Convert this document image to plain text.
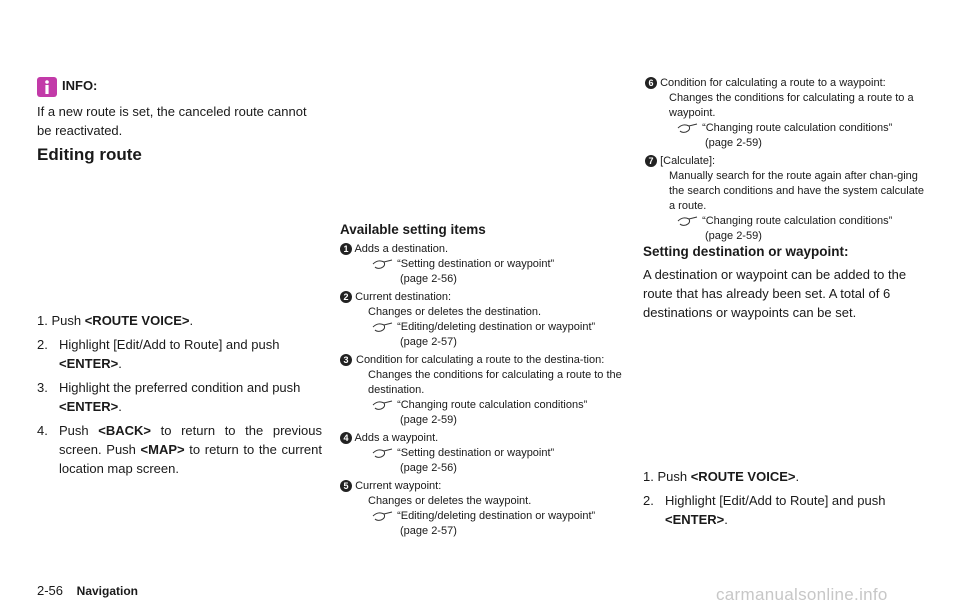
INFO:
If a new route is set, the canceled route cannot be reactivated.
Editing route
1. Push <ROUTE VOICE>.
2. Highlight [Edit/Add to Route] and push
<ENTER>.
3. Highlight the preferred condition and push
<ENTER>.
4. Push <BACK> to return to the previous screen. Push <MAP> to return to the current location map screen.
Available setting items
1 Adds a destination.
“Setting destination or waypoint”
(page 2-56)
2 Current destination:
Changes or deletes the destination.
“Editing/deleting destination or waypoint”
(page 2-57)
3 Condition for calculating a route to the destina-tion:
Changes the conditions for calculating a route to the destination.
“Changing route calculation conditions”
(page 2-59)
4 Adds a waypoint.
“Setting destination or waypoint”
(page 2-56)
5 Current waypoint:
Changes or deletes the waypoint.
“Editing/deleting destination or waypoint”
(page 2-57)
6 Condition for calculating a route to a waypoint:
Changes the conditions for calculating a route to a waypoint.
“Changing route calculation conditions”
(page 2-59)
7 [Calculate]:
Manually search for the route again after chan-ging the search conditions and have the system calculate a route.
“Changing route calculation conditions”
(page 2-59)
Setting destination or waypoint:
A destination or waypoint can be added to the route that has already been set. A total of 6 destinations or waypoints can be set.
1. Push <ROUTE VOICE>.
2. Highlight [Edit/Add to Route] and push
<ENTER>.
2-56 Navigation	carmanualsonline.info
